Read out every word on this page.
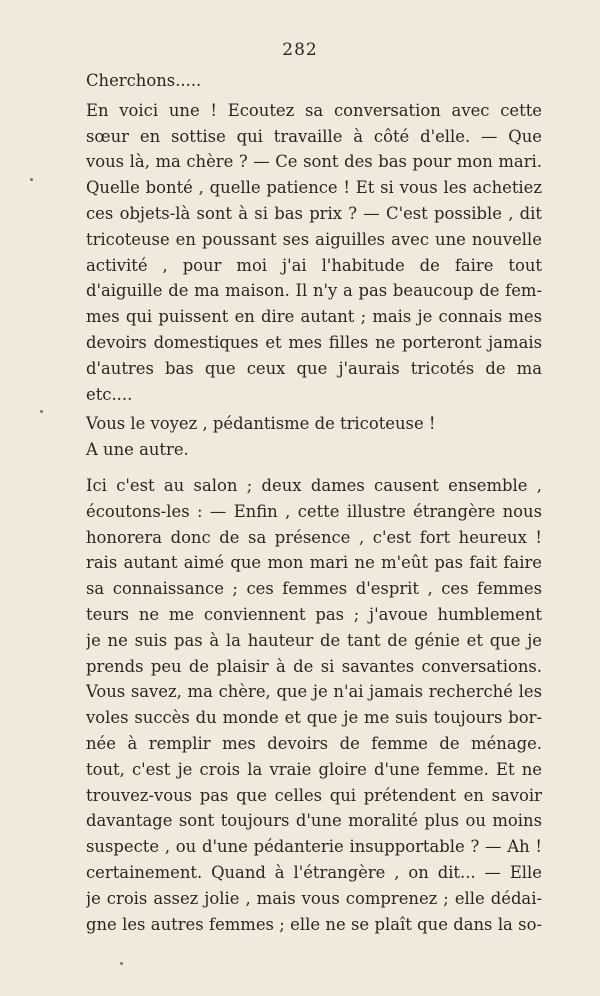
282
Cherchons.....
En voici une ! Ecoutez sa conversation avec cette
sœur en sottise qui travaille à côté d'elle. — Que
vous là, ma chère ? — Ce sont des bas pour mon mari.
Quelle bonté , quelle patience ! Et si vous les achetiez
ces objets-là sont à si bas prix ? — C'est possible , dit
tricoteuse en poussant ses aiguilles avec une nouvelle
activité , pour moi j'ai l'habitude de faire tout
d'aiguille de ma maison. Il n'y a pas beaucoup de fem-
mes qui puissent en dire autant ; mais je connais mes
devoirs domestiques et mes filles ne porteront jamais
d'autres bas que ceux que j'aurais tricotés de ma
etc....
Vous le voyez , pédantisme de tricoteuse !
A une autre.
Ici c'est au salon ; deux dames causent ensemble ,
écoutons-les : — Enfin , cette illustre étrangère nous
honorera donc de sa présence , c'est fort heureux !
rais autant aimé que mon mari ne m'eût pas fait faire
sa connaissance ; ces femmes d'esprit , ces femmes
teurs ne me conviennent pas ; j'avoue humblement
je ne suis pas à la hauteur de tant de génie et que je
prends peu de plaisir à de si savantes conversations.
Vous savez, ma chère, que je n'ai jamais recherché les
voles succès du monde et que je me suis toujours bor-
née à remplir mes devoirs de femme de ménage.
tout, c'est je crois la vraie gloire d'une femme. Et ne
trouvez-vous pas que celles qui prétendent en savoir
davantage sont toujours d'une moralité plus ou moins
suspecte , ou d'une pédanterie insupportable ? — Ah !
certainement. Quand à l'étrangère , on dit... — Elle
je crois assez jolie , mais vous comprenez ; elle dédai-
gne les autres femmes ; elle ne se plaît que dans la so-
